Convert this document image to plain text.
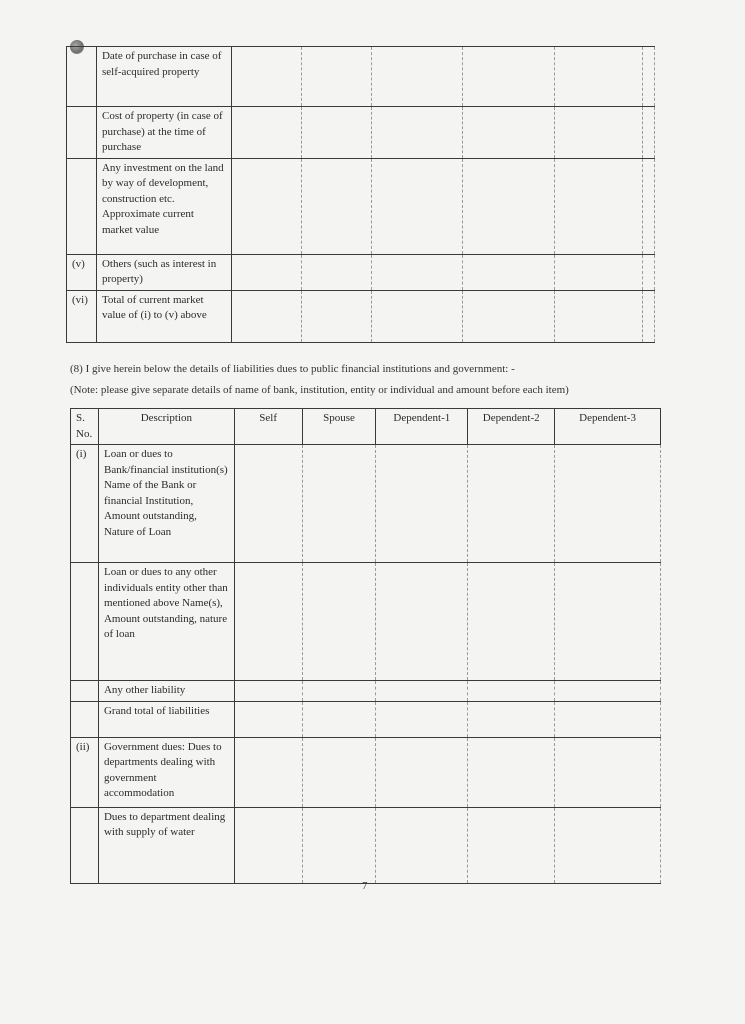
	Date of purchase in case of self-acquired property						
	Cost of property (in case of purchase) at the time of purchase						
	Any investment on the land by way of development, construction etc. Approximate current market value						
(v)	Others (such as interest in property)						
(vi)	Total of current market value of (i) to (v) above						
(8) I give herein below the details of liabilities dues to public financial institutions and government: -
(Note: please give separate details of name of bank, institution, entity or individual and amount before each item)
S. No.	Description	Self	Spouse	Dependent-1	Dependent-2	Dependent-3
(i)	Loan or dues to Bank/financial institution(s) Name of the Bank or financial Institution, Amount outstanding, Nature of Loan					
	Loan or dues to any other individuals entity other than mentioned above Name(s), Amount outstanding, nature of loan					
	Any other liability					
	Grand total of liabilities					
(ii)	Government dues: Dues to departments dealing with government accommodation					
	Dues to department dealing with supply of water					
7
